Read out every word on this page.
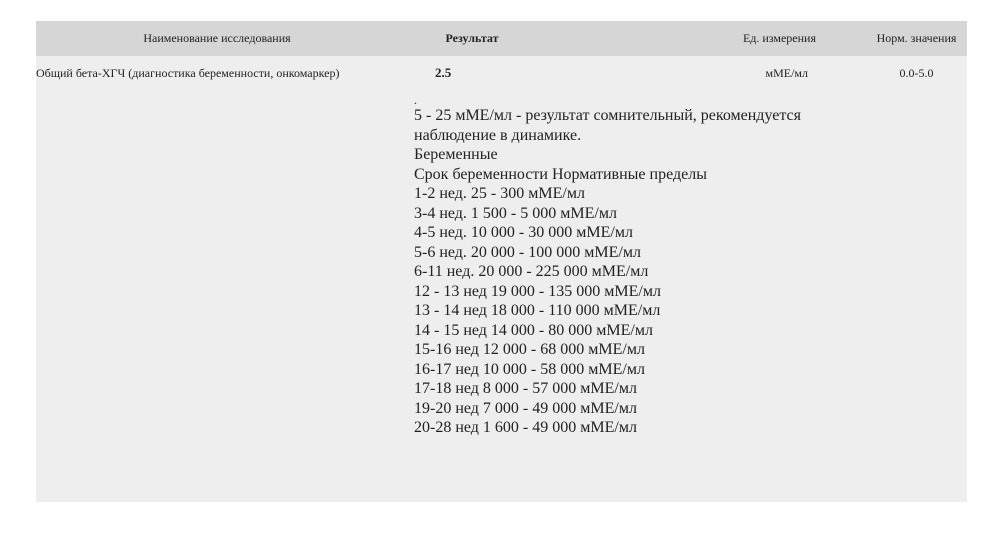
Наименование исследования	Результат	Ед. измерения	Норм. значения
Общий бета-ХГЧ (диагностика беременности, онкомаркер)	2.5	мМЕ/мл	0.0-5.0

.
5 - 25 мМЕ/мл - результат сомнительный, рекомендуется
наблюдение в динамике.
Беременные
Срок беременности Нормативные пределы
1-2 нед. 25 - 300 мМЕ/мл
3-4 нед. 1 500 - 5 000 мМЕ/мл
4-5 нед. 10 000 - 30 000 мМЕ/мл
5-6 нед. 20 000 - 100 000 мМЕ/мл
6-11 нед. 20 000 - 225 000 мМЕ/мл
12 - 13 нед 19 000 - 135 000 мМЕ/мл
13 - 14 нед 18 000 - 110 000 мМЕ/мл
14 - 15 нед 14 000 - 80 000 мМЕ/мл
15-16 нед 12 000 - 68 000 мМЕ/мл
16-17 нед 10 000 - 58 000 мМЕ/мл
17-18 нед 8 000 - 57 000 мМЕ/мл
19-20 нед 7 000 - 49 000 мМЕ/мл
20-28 нед 1 600 - 49 000 мМЕ/мл
